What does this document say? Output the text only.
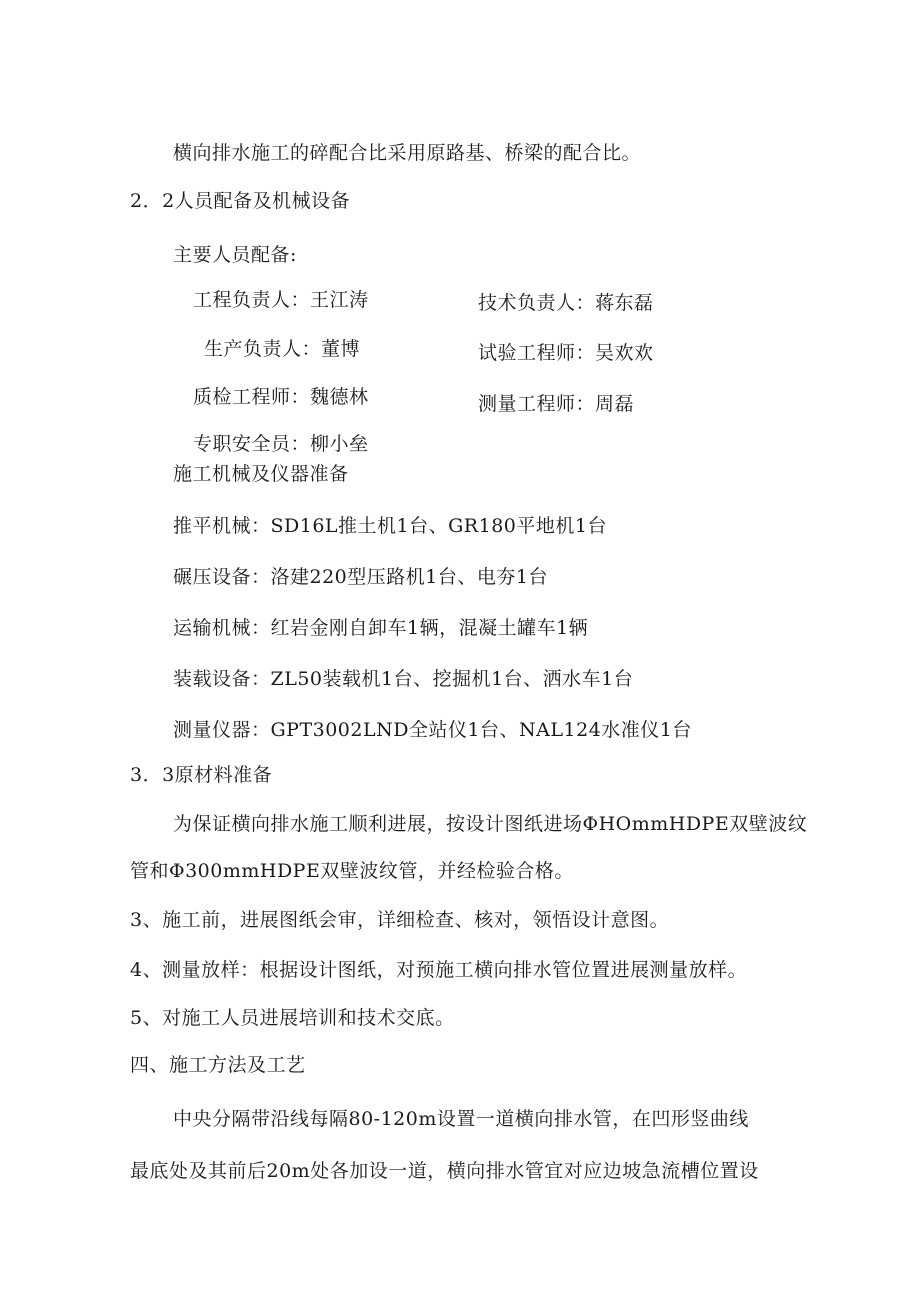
横向排水施工的碎配合比采用原路基、桥梁的配合比。
2．2人员配备及机械设备
主要人员配备:
工程负责人：王江涛	技术负责人：蒋东磊
生产负责人：董博	试验工程师：吴欢欢
质检工程师：魏德林	测量工程师：周磊
专职安全员：柳小垒
施工机械及仪器准备
推平机械：SD16L推土机1台、GR180平地机1台
碾压设备：洛建220型压路机1台、电夯1台
运输机械：红岩金刚自卸车1辆，混凝土罐车1辆
装载设备：ZL50装载机1台、挖掘机1台、洒水车1台
测量仪器：GPT3002LND全站仪1台、NAL124水准仪1台
3．3原材料准备
为保证横向排水施工顺利进展，按设计图纸进场ΦHOmmHDPE双壁波纹
管和Φ300mmHDPE双壁波纹管，并经检验合格。
3、施工前，进展图纸会审，详细检查、核对，领悟设计意图。
4、测量放样：根据设计图纸，对预施工横向排水管位置进展测量放样。
5、对施工人员进展培训和技术交底。
四、施工方法及工艺
中央分隔带沿线每隔80-120m设置一道横向排水管，在凹形竖曲线
最底处及其前后20m处各加设一道，横向排水管宜对应边坡急流槽位置设
